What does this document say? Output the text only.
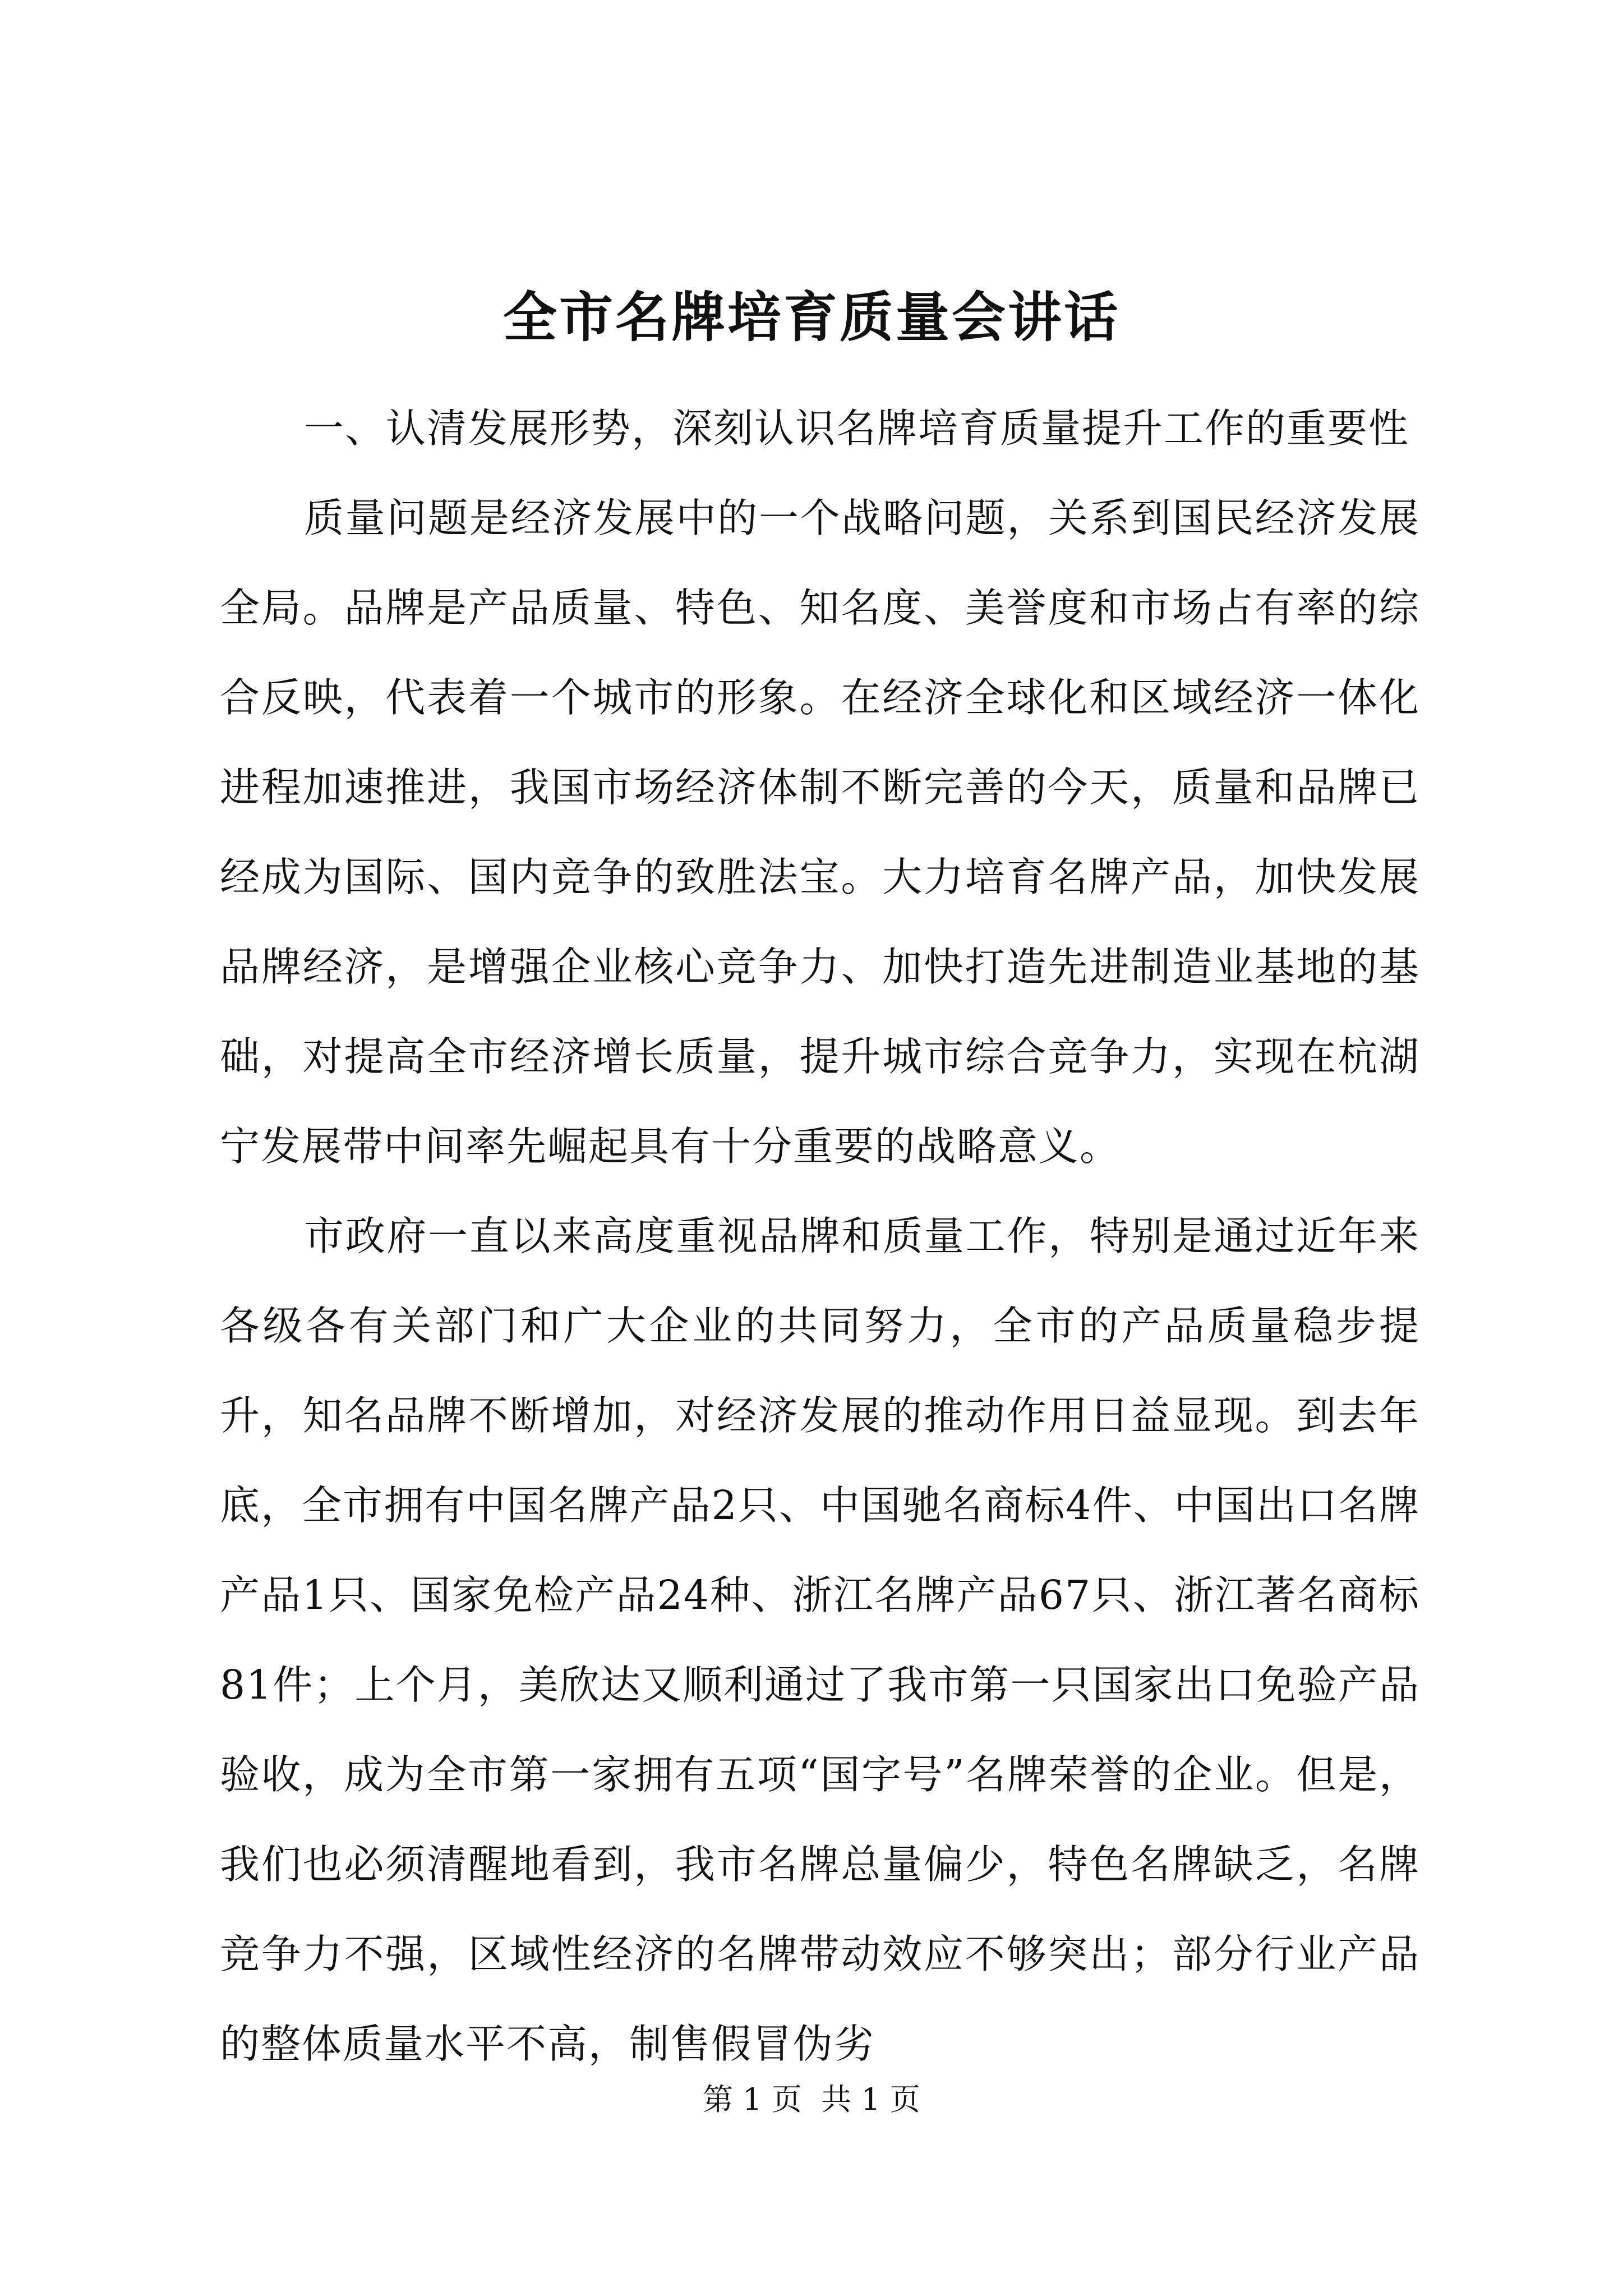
全市名牌培育质量会讲话

一、认清发展形势，深刻认识名牌培育质量提升工作的重要性

质量问题是经济发展中的一个战略问题，关系到国民经济发展全局。品牌是产品质量、特色、知名度、美誉度和市场占有率的综合反映，代表着一个城市的形象。在经济全球化和区域经济一体化进程加速推进，我国市场经济体制不断完善的今天，质量和品牌已经成为国际、国内竞争的致胜法宝。大力培育名牌产品，加快发展品牌经济，是增强企业核心竞争力、加快打造先进制造业基地的基础，对提高全市经济增长质量，提升城市综合竞争力，实现在杭湖宁发展带中间率先崛起具有十分重要的战略意义。

市政府一直以来高度重视品牌和质量工作，特别是通过近年来各级各有关部门和广大企业的共同努力，全市的产品质量稳步提升，知名品牌不断增加，对经济发展的推动作用日益显现。到去年底，全市拥有中国名牌产品2只、中国驰名商标4件、中国出口名牌产品1只、国家免检产品24种、浙江名牌产品67只、浙江著名商标81件；上个月，美欣达又顺利通过了我市第一只国家出口免验产品验收，成为全市第一家拥有五项“国字号”名牌荣誉的企业。但是，我们也必须清醒地看到，我市名牌总量偏少，特色名牌缺乏，名牌竞争力不强，区域性经济的名牌带动效应不够突出；部分行业产品的整体质量水平不高，制售假冒伪劣

第 1 页  共 1 页
